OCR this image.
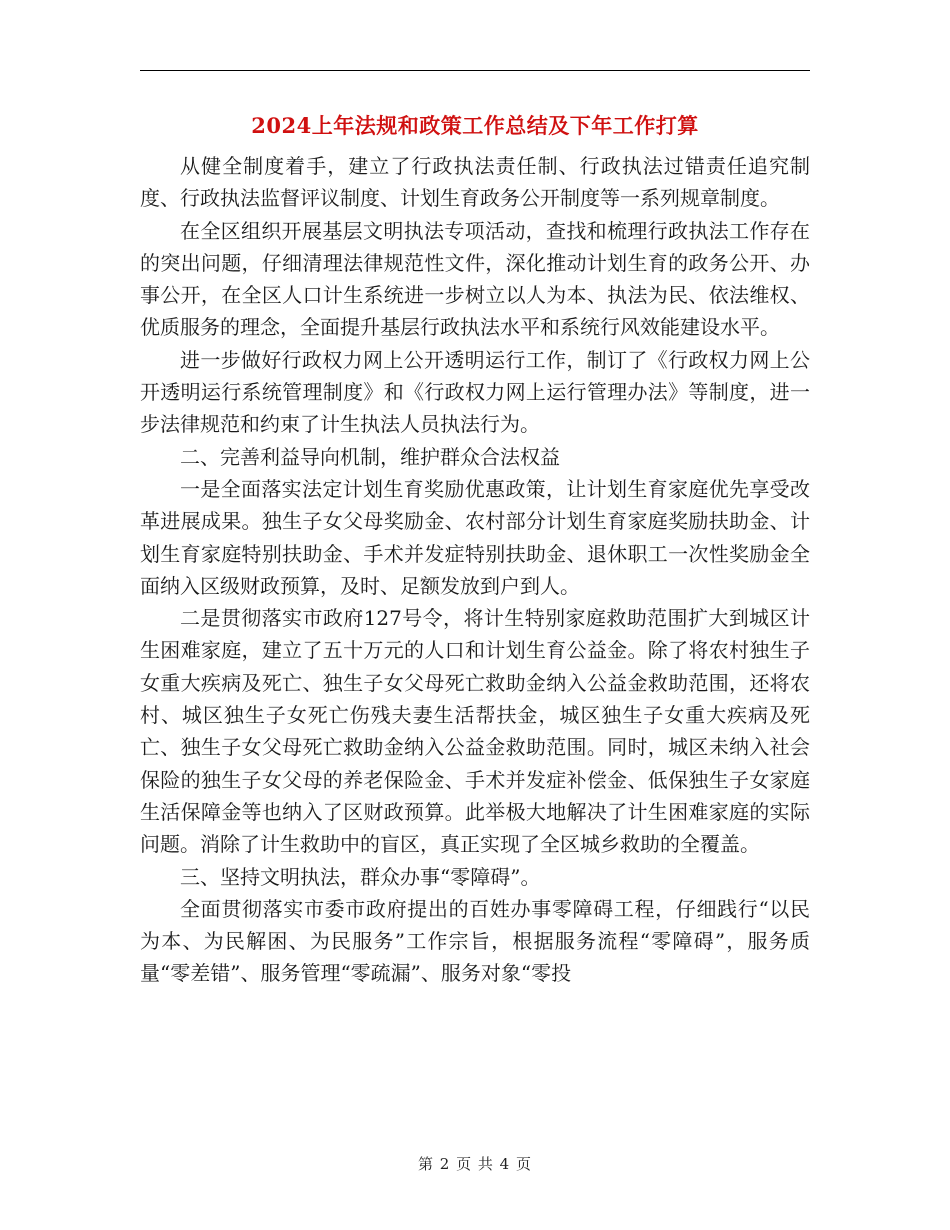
2024上年法规和政策工作总结及下年工作打算

从健全制度着手，建立了行政执法责任制、行政执法过错责任追究制度、行政执法监督评议制度、计划生育政务公开制度等一系列规章制度。

在全区组织开展基层文明执法专项活动，查找和梳理行政执法工作存在的突出问题，仔细清理法律规范性文件，深化推动计划生育的政务公开、办事公开，在全区人口计生系统进一步树立以人为本、执法为民、依法维权、优质服务的理念，全面提升基层行政执法水平和系统行风效能建设水平。

进一步做好行政权力网上公开透明运行工作，制订了《行政权力网上公开透明运行系统管理制度》和《行政权力网上运行管理办法》等制度，进一步法律规范和约束了计生执法人员执法行为。

二、完善利益导向机制，维护群众合法权益

一是全面落实法定计划生育奖励优惠政策，让计划生育家庭优先享受改革进展成果。独生子女父母奖励金、农村部分计划生育家庭奖励扶助金、计划生育家庭特别扶助金、手术并发症特别扶助金、退休职工一次性奖励金全面纳入区级财政预算，及时、足额发放到户到人。

二是贯彻落实市政府127号令，将计生特别家庭救助范围扩大到城区计生困难家庭，建立了五十万元的人口和计划生育公益金。除了将农村独生子女重大疾病及死亡、独生子女父母死亡救助金纳入公益金救助范围，还将农村、城区独生子女死亡伤残夫妻生活帮扶金，城区独生子女重大疾病及死亡、独生子女父母死亡救助金纳入公益金救助范围。同时，城区未纳入社会保险的独生子女父母的养老保险金、手术并发症补偿金、低保独生子女家庭生活保障金等也纳入了区财政预算。此举极大地解决了计生困难家庭的实际问题。消除了计生救助中的盲区，真正实现了全区城乡救助的全覆盖。

三、坚持文明执法，群众办事“零障碍”。

全面贯彻落实市委市政府提出的百姓办事零障碍工程，仔细践行“以民为本、为民解困、为民服务”工作宗旨，根据服务流程“零障碍”，服务质量“零差错”、服务管理“零疏漏”、服务对象“零投

第 2 页 共 4 页
